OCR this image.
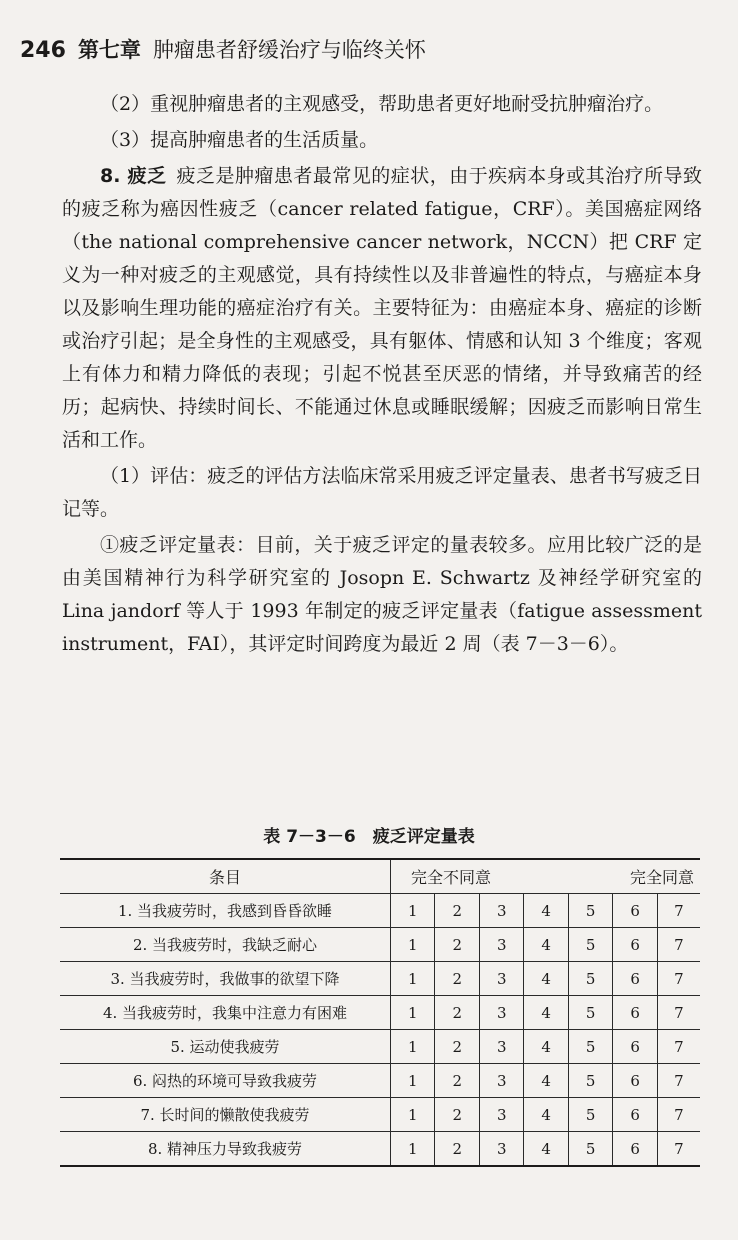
246 第七章 肿瘤患者舒缓治疗与临终关怀

（2）重视肿瘤患者的主观感受，帮助患者更好地耐受抗肿瘤治疗。

（3）提高肿瘤患者的生活质量。

8. 疲乏 疲乏是肿瘤患者最常见的症状，由于疾病本身或其治疗所导致的疲乏称为癌因性疲乏（cancer related fatigue，CRF）。美国癌症网络（the national comprehensive cancer network，NCCN）把 CRF 定义为一种对疲乏的主观感觉，具有持续性以及非普遍性的特点，与癌症本身以及影响生理功能的癌症治疗有关。主要特征为：由癌症本身、癌症的诊断或治疗引起；是全身性的主观感受，具有躯体、情感和认知 3 个维度；客观上有体力和精力降低的表现；引起不悦甚至厌恶的情绪，并导致痛苦的经历；起病快、持续时间长、不能通过休息或睡眠缓解；因疲乏而影响日常生活和工作。

（1）评估：疲乏的评估方法临床常采用疲乏评定量表、患者书写疲乏日记等。

①疲乏评定量表：目前，关于疲乏评定的量表较多。应用比较广泛的是由美国精神行为科学研究室的 Josopn E. Schwartz 及神经学研究室的 Lina jandorf 等人于 1993 年制定的疲乏评定量表（fatigue assessment instrument，FAI），其评定时间跨度为最近 2 周（表 7－3－6）。

表 7－3－6　疲乏评定量表
条目	完全不同意 完全同意						

1. 当我疲劳时，我感到昏昏欲睡	1	2	3	4	5	6	7
2. 当我疲劳时，我缺乏耐心	1	2	3	4	5	6	7
3. 当我疲劳时，我做事的欲望下降	1	2	3	4	5	6	7
4. 当我疲劳时，我集中注意力有困难	1	2	3	4	5	6	7
5. 运动使我疲劳	1	2	3	4	5	6	7
6. 闷热的环境可导致我疲劳	1	2	3	4	5	6	7
7. 长时间的懒散使我疲劳	1	2	3	4	5	6	7
8. 精神压力导致我疲劳	1	2	3	4	5	6	7
